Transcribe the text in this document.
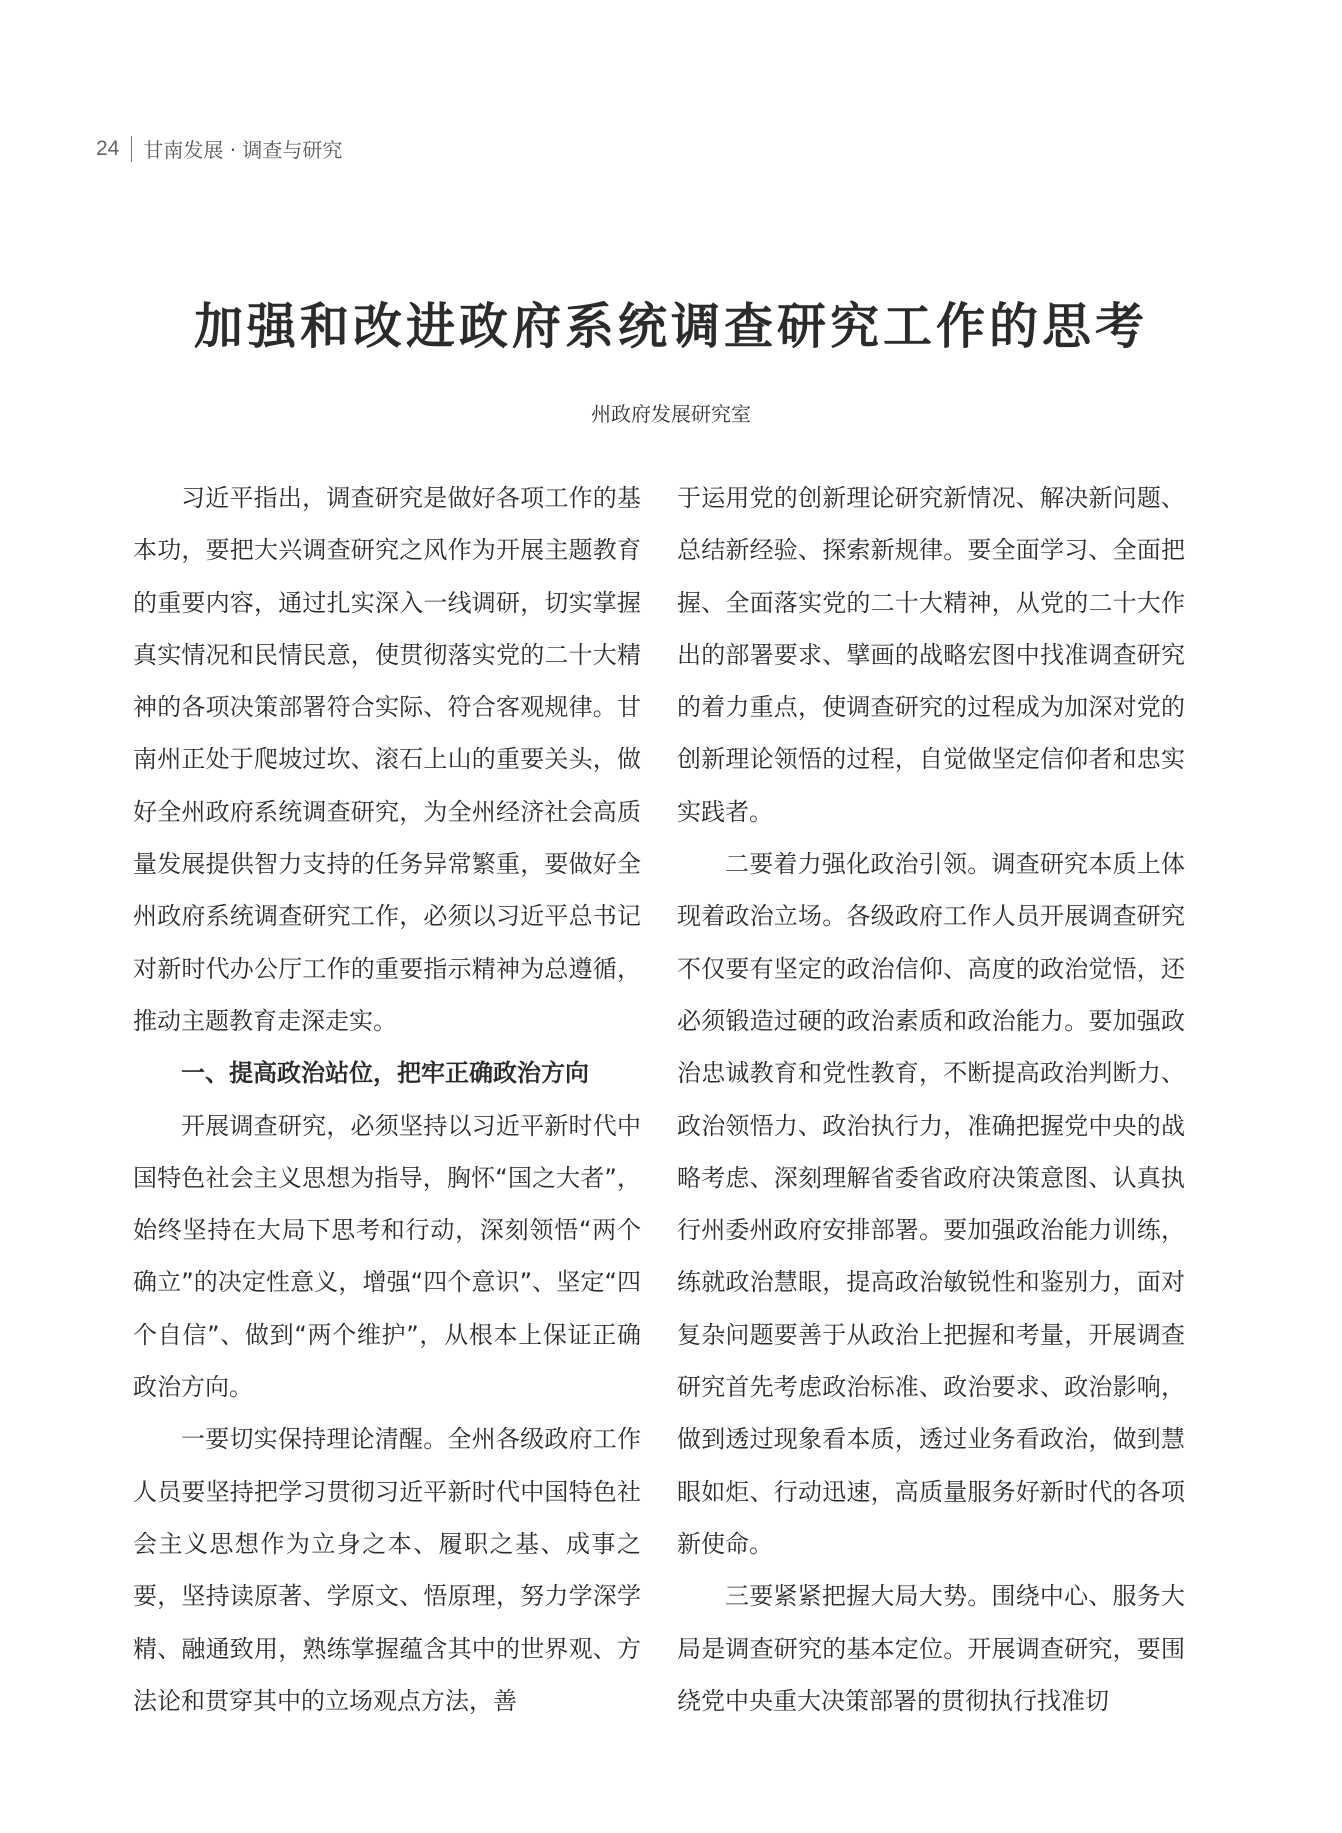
24 甘南发展 · 调查与研究
加强和改进政府系统调查研究工作的思考
州政府发展研究室

习近平指出，调查研究是做好各项工作的基本功，要把大兴调查研究之风作为开展主题教育的重要内容，通过扎实深入一线调研，切实掌握真实情况和民情民意，使贯彻落实党的二十大精神的各项决策部署符合实际、符合客观规律。甘南州正处于爬坡过坎、滚石上山的重要关头，做好全州政府系统调查研究，为全州经济社会高质量发展提供智力支持的任务异常繁重，要做好全州政府系统调查研究工作，必须以习近平总书记对新时代办公厅工作的重要指示精神为总遵循，推动主题教育走深走实。

一、提高政治站位，把牢正确政治方向

开展调查研究，必须坚持以习近平新时代中国特色社会主义思想为指导，胸怀“国之大者”，始终坚持在大局下思考和行动，深刻领悟“两个确立”的决定性意义，增强“四个意识”、坚定“四个自信”、做到“两个维护”，从根本上保证正确政治方向。

一要切实保持理论清醒。全州各级政府工作人员要坚持把学习贯彻习近平新时代中国特色社会主义思想作为立身之本、履职之基、成事之要，坚持读原著、学原文、悟原理，努力学深学精、融通致用，熟练掌握蕴含其中的世界观、方法论和贯穿其中的立场观点方法，善

于运用党的创新理论研究新情况、解决新问题、总结新经验、探索新规律。要全面学习、全面把握、全面落实党的二十大精神，从党的二十大作出的部署要求、擘画的战略宏图中找准调查研究的着力重点，使调查研究的过程成为加深对党的创新理论领悟的过程，自觉做坚定信仰者和忠实实践者。

二要着力强化政治引领。调查研究本质上体现着政治立场。各级政府工作人员开展调查研究不仅要有坚定的政治信仰、高度的政治觉悟，还必须锻造过硬的政治素质和政治能力。要加强政治忠诚教育和党性教育，不断提高政治判断力、政治领悟力、政治执行力，准确把握党中央的战略考虑、深刻理解省委省政府决策意图、认真执行州委州政府安排部署。要加强政治能力训练，练就政治慧眼，提高政治敏锐性和鉴别力，面对复杂问题要善于从政治上把握和考量，开展调查研究首先考虑政治标准、政治要求、政治影响，做到透过现象看本质，透过业务看政治，做到慧眼如炬、行动迅速，高质量服务好新时代的各项新使命。

三要紧紧把握大局大势。围绕中心、服务大局是调查研究的基本定位。开展调查研究，要围绕党中央重大决策部署的贯彻执行找准切
